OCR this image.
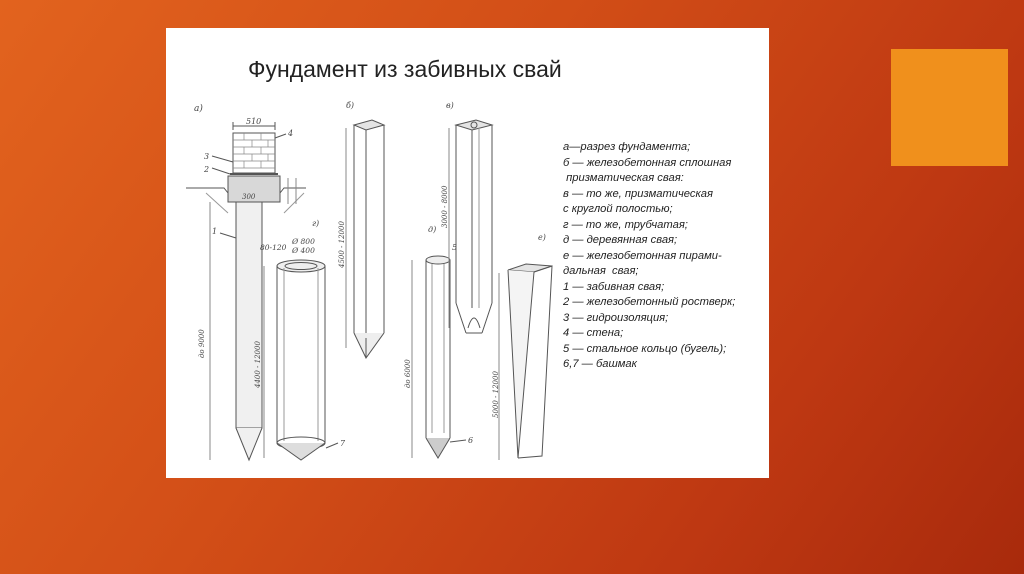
Фундамент из забивных свай
а)
510
300
4
3
2
1
до 9000
г)
80-120
Ø 800
Ø 400
4400 - 12000
7
б)
4500 - 12000	д)
5
6
до 6000
в)
3000 - 8000
е)
5000 - 12000
а—разрез фундамента;
б — железобетонная сплошная
призматическая свая:
в — то же, призматическая
с круглой полостью;
г — то же, трубчатая;
д — деревянная свая;
е — железобетонная пирами-
дальная  свая;
1 — забивная свая;
2 — железобетонный ростверк;
3 — гидроизоляция;
4 — стена;
5 — стальное кольцо (бугель);
6,7 — башмак
